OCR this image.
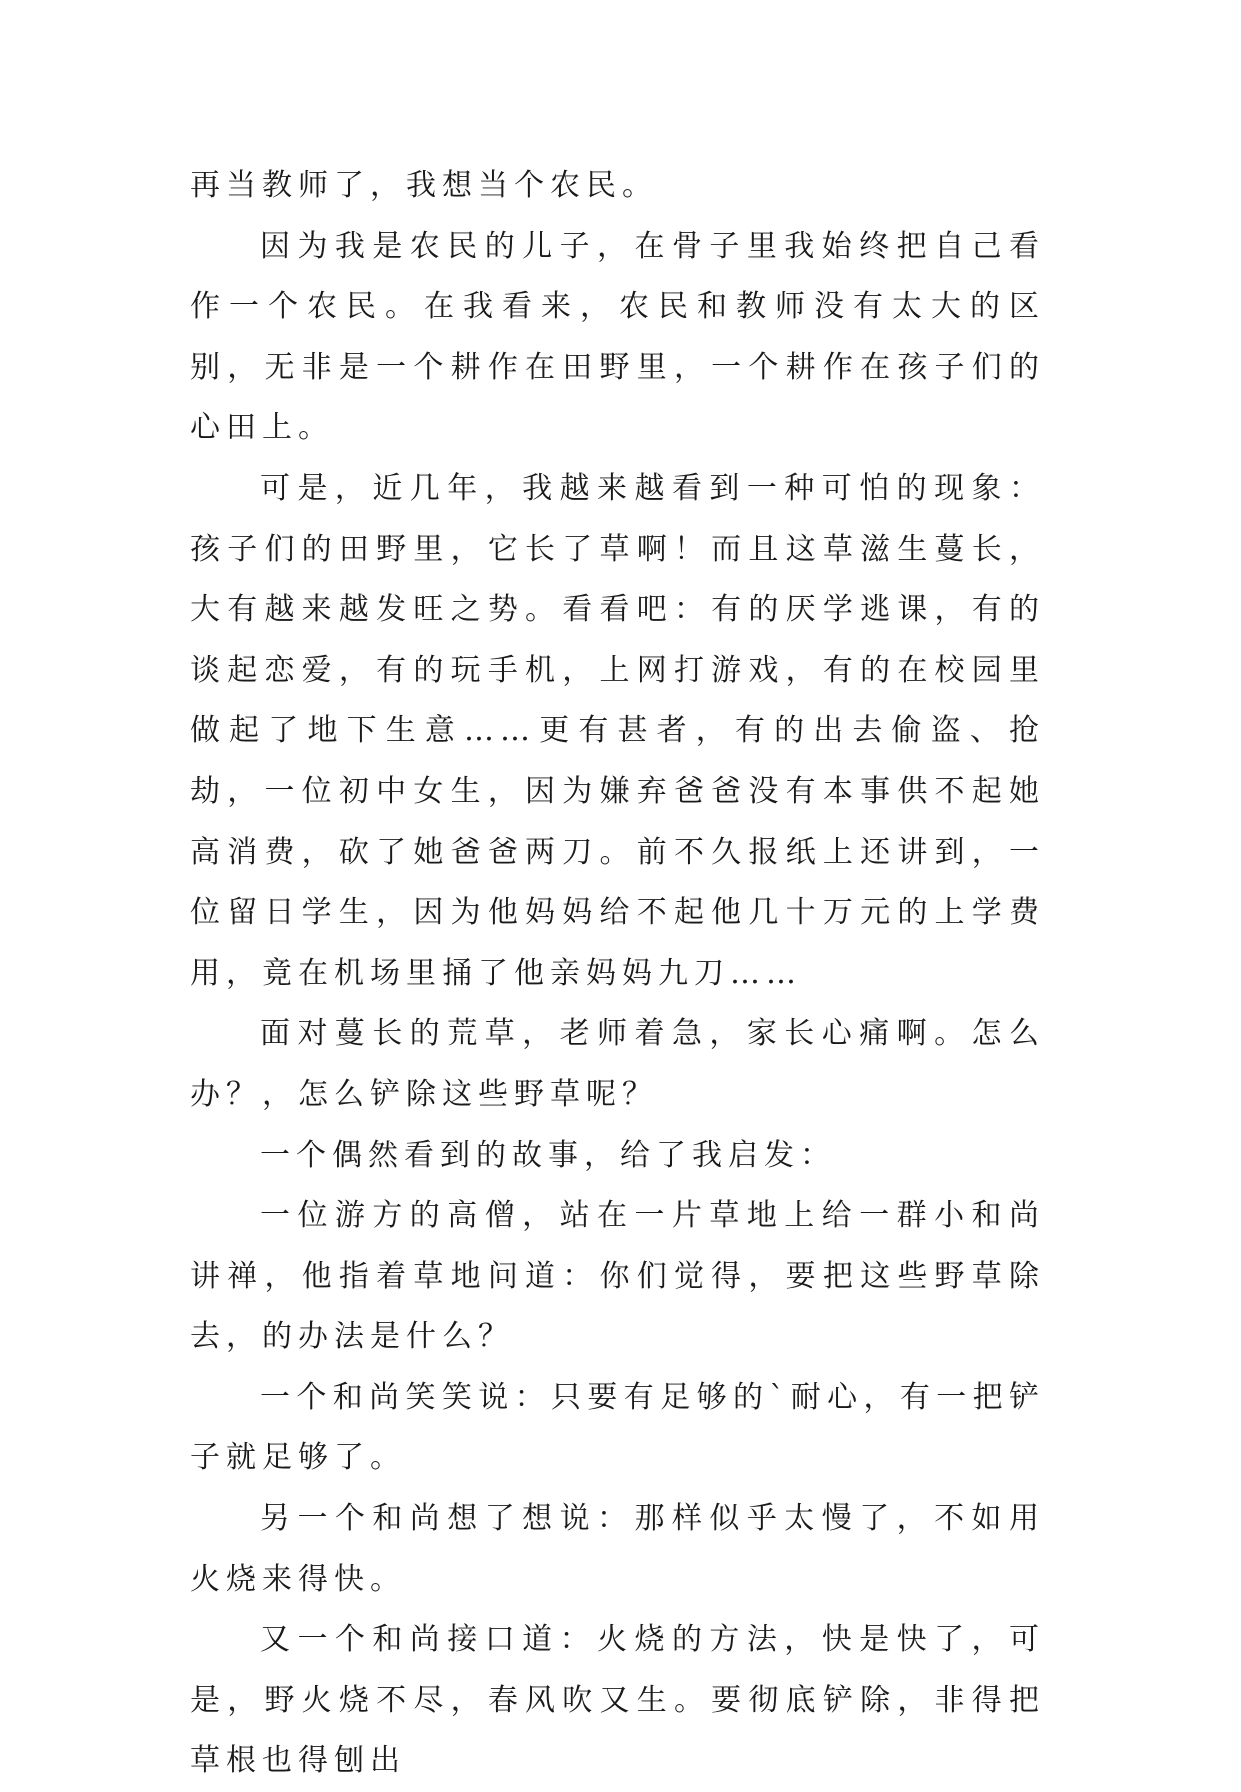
再当教师了，我想当个农民。

因为我是农民的儿子，在骨子里我始终把自己看作一个农民。在我看来，农民和教师没有太大的区别，无非是一个耕作在田野里，一个耕作在孩子们的心田上。

可是，近几年，我越来越看到一种可怕的现象：孩子们的田野里，它长了草啊！而且这草滋生蔓长，大有越来越发旺之势。看看吧：有的厌学逃课，有的谈起恋爱，有的玩手机，上网打游戏，有的在校园里做起了地下生意……更有甚者，有的出去偷盗、抢劫，一位初中女生，因为嫌弃爸爸没有本事供不起她高消费，砍了她爸爸两刀。前不久报纸上还讲到，一位留日学生，因为他妈妈给不起他几十万元的上学费用，竟在机场里捅了他亲妈妈九刀……

面对蔓长的荒草，老师着急，家长心痛啊。怎么办？，怎么铲除这些野草呢？

一个偶然看到的故事，给了我启发：

一位游方的高僧，站在一片草地上给一群小和尚讲禅，他指着草地问道：你们觉得，要把这些野草除去，的办法是什么？

一个和尚笑笑说：只要有足够的`耐心，有一把铲子就足够了。

另一个和尚想了想说：那样似乎太慢了，不如用火烧来得快。

又一个和尚接口道：火烧的方法，快是快了，可是，野火烧不尽，春风吹又生。要彻底铲除，非得把草根也得刨出
